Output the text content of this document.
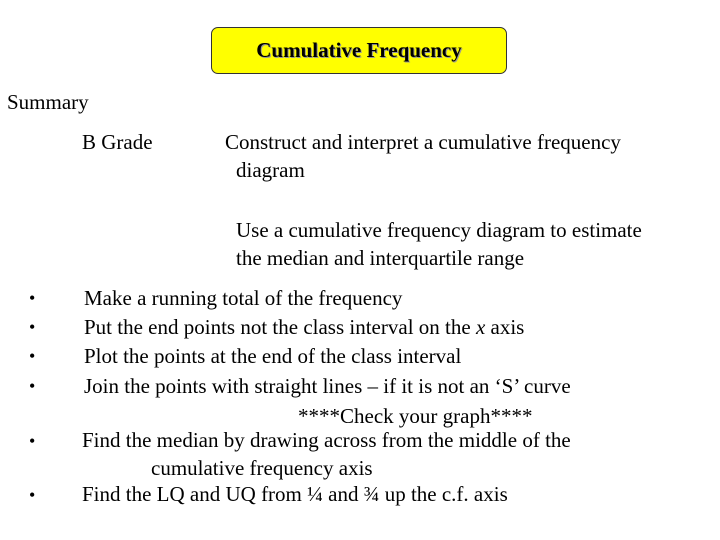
Cumulative Frequency
Summary
B Grade	Construct and interpret a cumulative frequency
diagram
Use a cumulative frequency diagram to estimate
the median and interquartile range
• Make a running total of the frequency
• Put the end points not the class interval on the x axis
• Plot the points at the end of the class interval
• Join the points with straight lines – if it is not an ‘S’ curve
****Check your graph****
• Find the median by drawing across from the middle of the
cumulative frequency axis
• Find the LQ and UQ from ¼ and ¾ up the c.f. axis
